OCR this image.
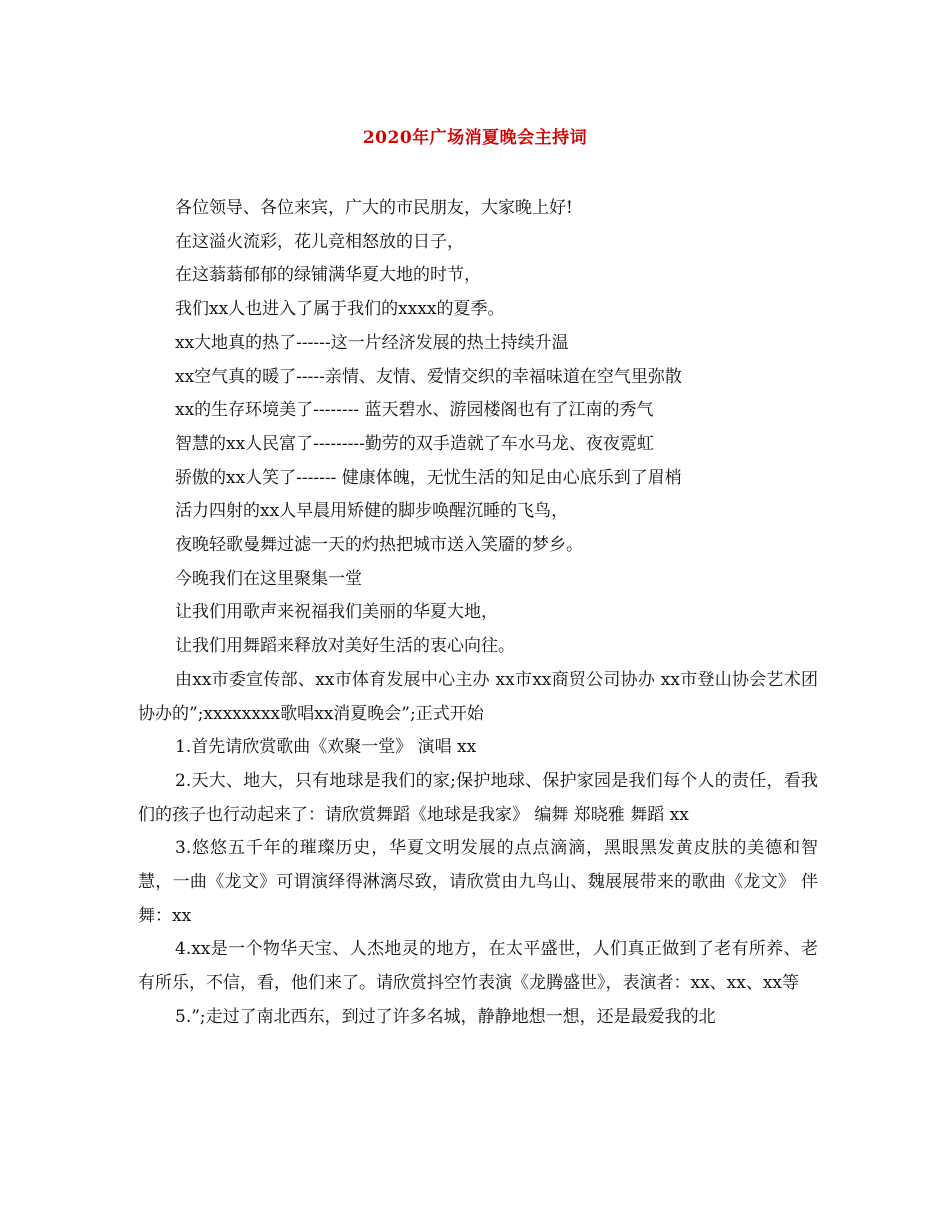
2020年广场消夏晚会主持词
各位领导、各位来宾，广大的市民朋友，大家晚上好!
在这溢火流彩，花儿竞相怒放的日子，
在这蓊蓊郁郁的绿铺满华夏大地的时节，
我们xx人也进入了属于我们的xxxx的夏季。
xx大地真的热了------这一片经济发展的热土持续升温
xx空气真的暖了-----亲情、友情、爱情交织的幸福味道在空气里弥散
xx的生存环境美了-------- 蓝天碧水、游园楼阁也有了江南的秀气
智慧的xx人民富了---------勤劳的双手造就了车水马龙、夜夜霓虹
骄傲的xx人笑了------- 健康体魄，无忧生活的知足由心底乐到了眉梢
活力四射的xx人早晨用矫健的脚步唤醒沉睡的飞鸟，
夜晚轻歌曼舞过滤一天的灼热把城市送入笑靥的梦乡。
今晚我们在这里聚集一堂
让我们用歌声来祝福我们美丽的华夏大地，
让我们用舞蹈来释放对美好生活的衷心向往。

由xx市委宣传部、xx市体育发展中心主办 xx市xx商贸公司协办 xx市登山协会艺术团协办的”;xxxxxxxx歌唱xx消夏晚会”;正式开始

1.首先请欣赏歌曲《欢聚一堂》 演唱 xx

2.天大、地大，只有地球是我们的家;保护地球、保护家园是我们每个人的责任，看我们的孩子也行动起来了：请欣赏舞蹈《地球是我家》 编舞 郑晓雅 舞蹈 xx

3.悠悠五千年的璀璨历史，华夏文明发展的点点滴滴，黑眼黑发黄皮肤的美德和智慧，一曲《龙文》可谓演绎得淋漓尽致，请欣赏由九鸟山、魏展展带来的歌曲《龙文》 伴舞：xx

4.xx是一个物华天宝、人杰地灵的地方，在太平盛世，人们真正做到了老有所养、老有所乐，不信，看，他们来了。请欣赏抖空竹表演《龙腾盛世》，表演者：xx、xx、xx等

5.”;走过了南北西东，到过了许多名城，静静地想一想，还是最爱我的北
